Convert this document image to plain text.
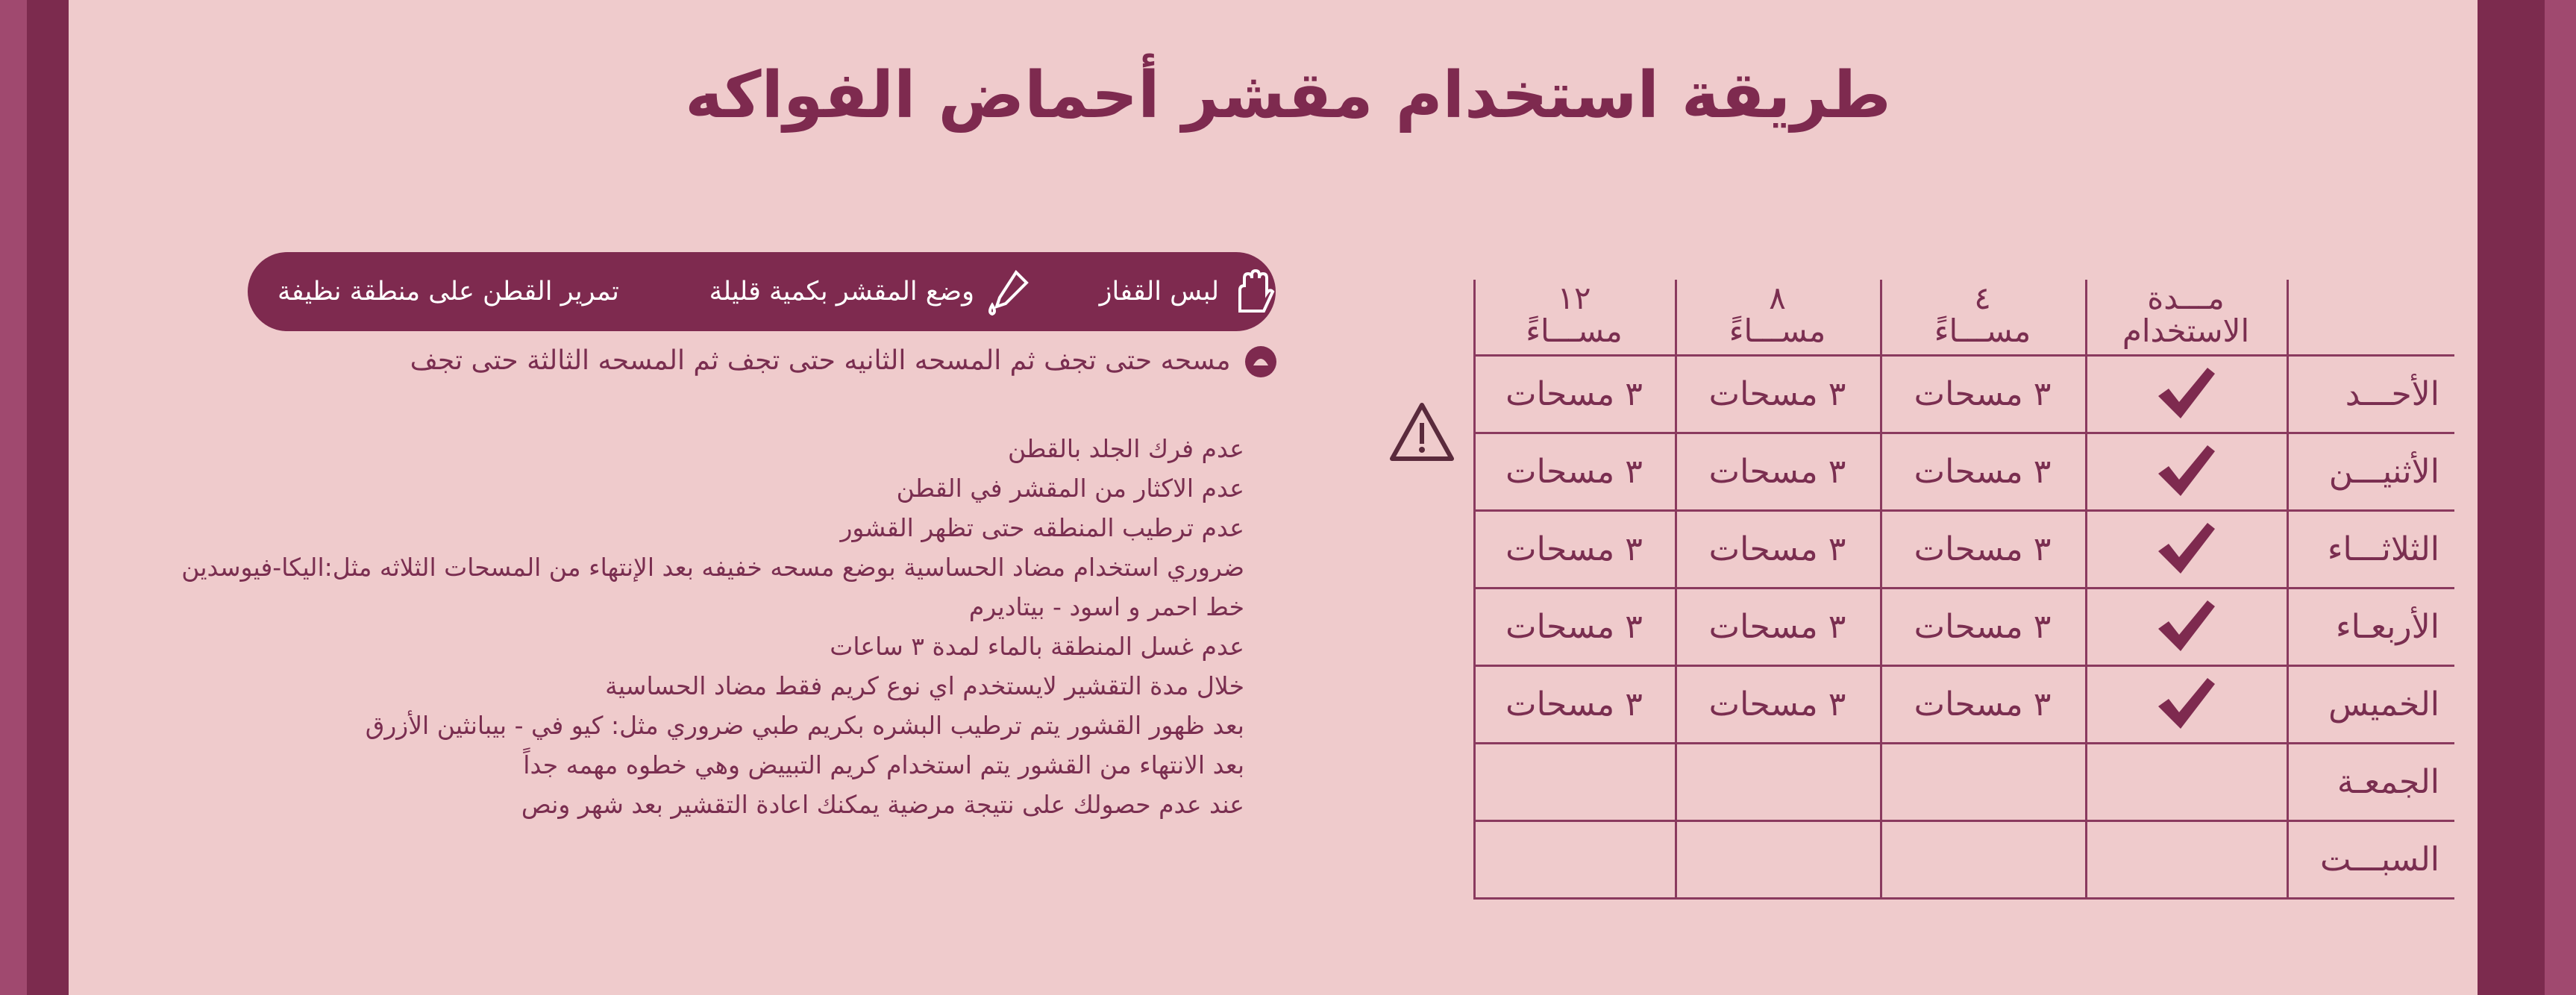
طريقة استخدام مقشر أحماض الفواكه
مـــدة
الاستخدام
٤
مســـاءً
٨
مســـاءً
١٢
مســـاءً
الأحـــد
٣ مسحات
٣ مسحات
٣ مسحات
الأثنيـــن
٣ مسحات
٣ مسحات
٣ مسحات
الثلاثـــاء
٣ مسحات
٣ مسحات
٣ مسحات
الأربعـاء
٣ مسحات
٣ مسحات
٣ مسحات
الخميس
٣ مسحات
٣ مسحات
٣ مسحات
الجمعـة
السبـــت
لبس القفاز
وضع المقشر بكمية قليلة
تمرير القطن على منطقة نظيفة
مسحه حتى تجف ثم المسحه الثانيه حتى تجف ثم المسحه الثالثة حتى تجف
عدم فرك الجلد بالقطن
عدم الاكثار من المقشر في القطن
عدم ترطيب المنطقه حتى تظهر القشور
ضروري استخدام مضاد الحساسية بوضع مسحه خفيفه بعد الإنتهاء من المسحات الثلاثه مثل:اليكا-فيوسدين
خط احمر و اسود - بيتاديرم
عدم غسل المنطقة بالماء لمدة ٣ ساعات
خلال مدة التقشير لايستخدم اي نوع كريم فقط مضاد الحساسية
بعد ظهور القشور يتم ترطيب البشره بكريم طبي ضروري مثل: كيو في - بيبانثين الأزرق
بعد الانتهاء من القشور يتم استخدام كريم التبييض وهي خطوه مهمه جداً
عند عدم حصولك على نتيجة مرضية يمكنك اعادة التقشير بعد شهر ونص
